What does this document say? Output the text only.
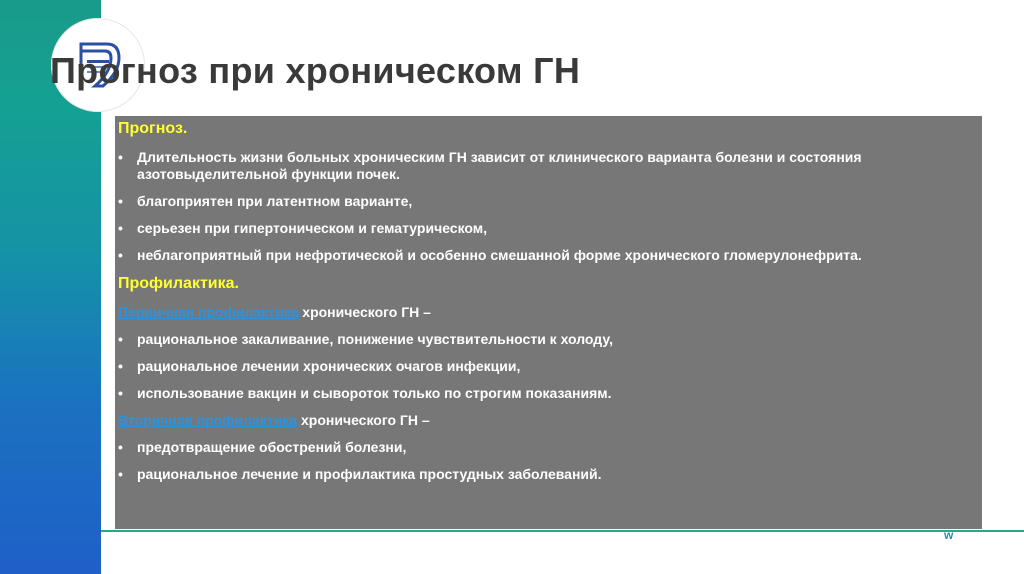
Прогноз при хроническом ГН
Прогноз.
• Длительность жизни больных хроническим ГН зависит от клинического варианта болезни и состояния азотовыделительной функции почек.
• благоприятен при латентном варианте,
• серьезен при гипертоническом и гематурическом,
• неблагоприятный при нефротической и особенно смешанной форме хронического гломерулонефрита.
Профилактика.
Первичная профилактика хронического ГН –
• рациональное закаливание, понижение чувствительности к холоду,
• рациональное лечении хронических очагов инфекции,
• использование вакцин и сывороток только по строгим показаниям.
Вторичная профилактика хронического ГН –
• предотвращение обострений болезни,
• рациональное лечение и профилактика простудных заболеваний.
w
